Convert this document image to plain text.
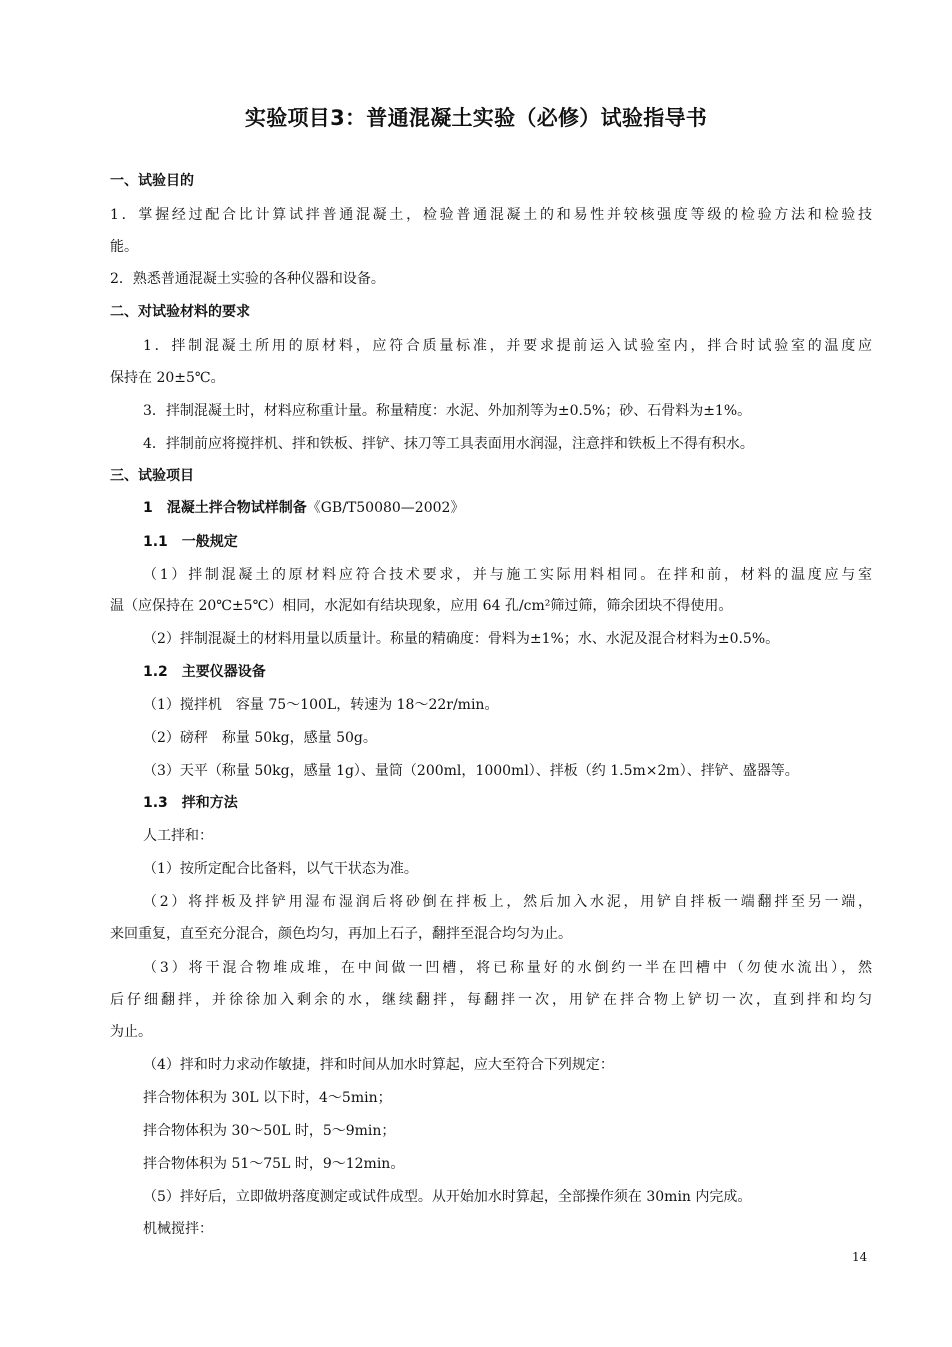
实验项目3：普通混凝土实验（必修）试验指导书
一、试验目的
1．掌握经过配合比计算试拌普通混凝土，检验普通混凝土的和易性并较核强度等级的检验方法和检验技
能。
2．熟悉普通混凝土实验的各种仪器和设备。
二、对试验材料的要求
1．拌制混凝土所用的原材料，应符合质量标准，并要求提前运入试验室内，拌合时试验室的温度应
保持在 20±5℃。
3．拌制混凝土时，材料应称重计量。称量精度：水泥、外加剂等为±0.5%；砂、石骨料为±1%。
4．拌制前应将搅拌机、拌和铁板、拌铲、抹刀等工具表面用水润湿，注意拌和铁板上不得有积水。
三、试验项目
1　混凝土拌合物试样制备《GB/T50080—2002》
1.1　一般规定
（1）拌制混凝土的原材料应符合技术要求，并与施工实际用料相同。在拌和前，材料的温度应与室
温（应保持在 20℃±5℃）相同，水泥如有结块现象，应用 64 孔/cm²筛过筛，筛余团块不得使用。
（2）拌制混凝土的材料用量以质量计。称量的精确度：骨料为±1%；水、水泥及混合材料为±0.5%。
1.2　主要仪器设备
（1）搅拌机　容量 75～100L，转速为 18～22r/min。
（2）磅秤　称量 50kg，感量 50g。
（3）天平（称量 50kg，感量 1g）、量筒（200ml，1000ml）、拌板（约 1.5m×2m）、拌铲、盛器等。
1.3　拌和方法
人工拌和：
（1）按所定配合比备料，以气干状态为准。
（2）将拌板及拌铲用湿布湿润后将砂倒在拌板上，然后加入水泥，用铲自拌板一端翻拌至另一端，
来回重复，直至充分混合，颜色均匀，再加上石子，翻拌至混合均匀为止。
（3）将干混合物堆成堆，在中间做一凹槽，将已称量好的水倒约一半在凹槽中（勿使水流出），然
后仔细翻拌，并徐徐加入剩余的水，继续翻拌，每翻拌一次，用铲在拌合物上铲切一次，直到拌和均匀
为止。
（4）拌和时力求动作敏捷，拌和时间从加水时算起，应大至符合下列规定：
拌合物体积为 30L 以下时，4～5min；
拌合物体积为 30～50L 时，5～9min；
拌合物体积为 51～75L 时，9～12min。
（5）拌好后，立即做坍落度测定或试件成型。从开始加水时算起，全部操作须在 30min 内完成。
机械搅拌：
14
